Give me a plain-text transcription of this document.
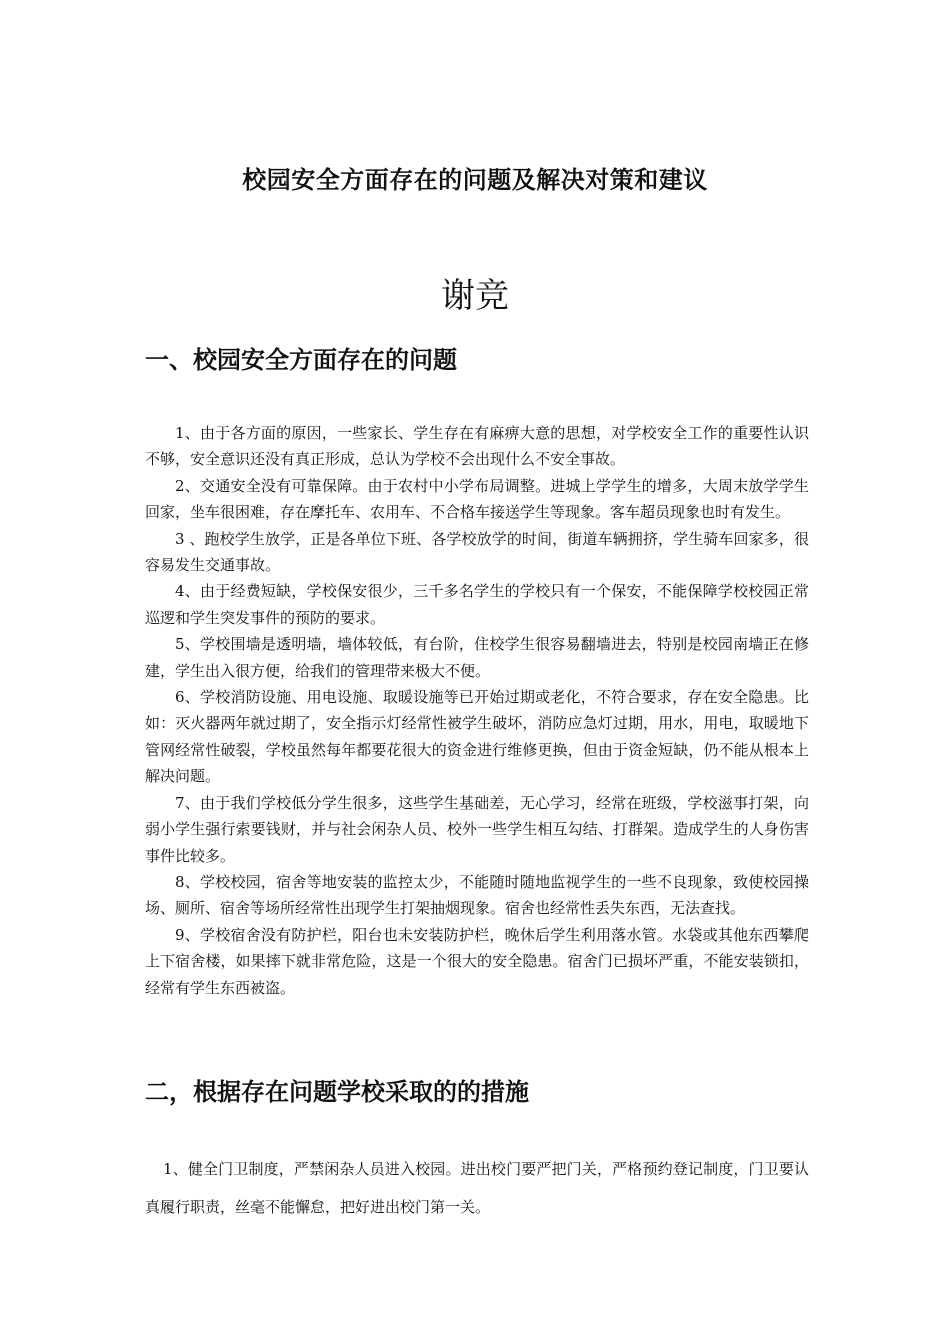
校园安全方面存在的问题及解决对策和建议
谢竞
一、校园安全方面存在的问题

1、由于各方面的原因，一些家长、学生存在有麻痹大意的思想，对学校安全工作的重要性认识不够，安全意识还没有真正形成，总认为学校不会出现什么不安全事故。

2、交通安全没有可靠保障。由于农村中小学布局调整。进城上学学生的增多，大周末放学学生回家，坐车很困难，存在摩托车、农用车、不合格车接送学生等现象。客车超员现象也时有发生。

3 、跑校学生放学，正是各单位下班、各学校放学的时间，街道车辆拥挤，学生骑车回家多，很容易发生交通事故。

4、由于经费短缺，学校保安很少，三千多名学生的学校只有一个保安，不能保障学校校园正常巡逻和学生突发事件的预防的要求。

5、学校围墙是透明墙，墙体较低，有台阶，住校学生很容易翻墙进去，特别是校园南墙正在修建，学生出入很方便，给我们的管理带来极大不便。

6、学校消防设施、用电设施、取暖设施等已开始过期或老化，不符合要求，存在安全隐患。比如：灭火器两年就过期了，安全指示灯经常性被学生破坏，消防应急灯过期，用水，用电，取暖地下管网经常性破裂，学校虽然每年都要花很大的资金进行维修更换，但由于资金短缺，仍不能从根本上解决问题。

7、由于我们学校低分学生很多，这些学生基础差，无心学习，经常在班级，学校滋事打架，向弱小学生强行索要钱财，并与社会闲杂人员、校外一些学生相互勾结、打群架。造成学生的人身伤害事件比较多。

8、学校校园，宿舍等地安装的监控太少，不能随时随地监视学生的一些不良现象，致使校园操场、厕所、宿舍等场所经常性出现学生打架抽烟现象。宿舍也经常性丢失东西，无法查找。

9、学校宿舍没有防护栏，阳台也未安装防护栏，晚休后学生利用落水管。水袋或其他东西攀爬上下宿舍楼，如果摔下就非常危险，这是一个很大的安全隐患。宿舍门已损坏严重，不能安装锁扣，经常有学生东西被盗。

二，根据存在问题学校采取的的措施

1、健全门卫制度，严禁闲杂人员进入校园。进出校门要严把门关，严格预约登记制度，门卫要认真履行职责，丝毫不能懈怠，把好进出校门第一关。
